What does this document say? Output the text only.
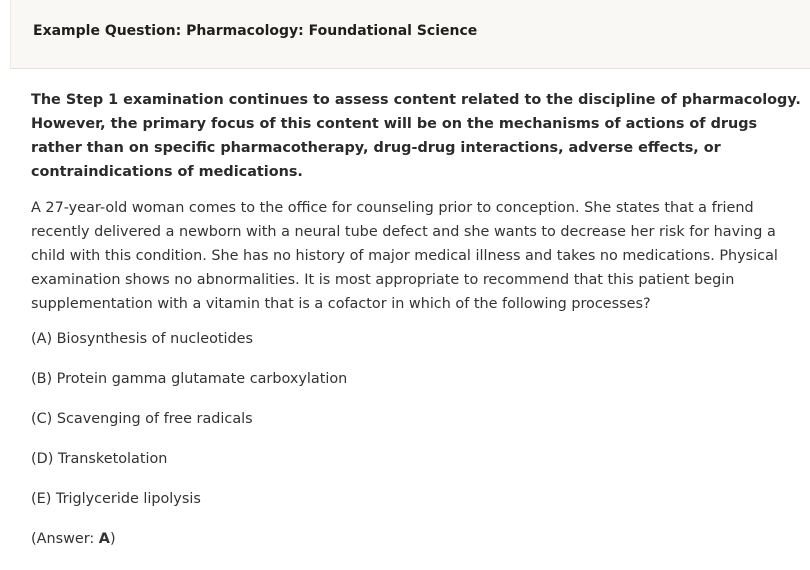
Example Question: Pharmacology: Foundational Science

The Step 1 examination continues to assess content related to the discipline of pharmacology. However, the primary focus of this content will be on the mechanisms of actions of drugs rather than on specific pharmacotherapy, drug-drug interactions, adverse effects, or contraindications of medications.

A 27-year-old woman comes to the office for counseling prior to conception. She states that a friend recently delivered a newborn with a neural tube defect and she wants to decrease her risk for having a child with this condition. She has no history of major medical illness and takes no medications. Physical examination shows no abnormalities. It is most appropriate to recommend that this patient begin supplementation with a vitamin that is a cofactor in which of the following processes?

(A) Biosynthesis of nucleotides

(B) Protein gamma glutamate carboxylation

(C) Scavenging of free radicals

(D) Transketolation

(E) Triglyceride lipolysis

(Answer: A)
